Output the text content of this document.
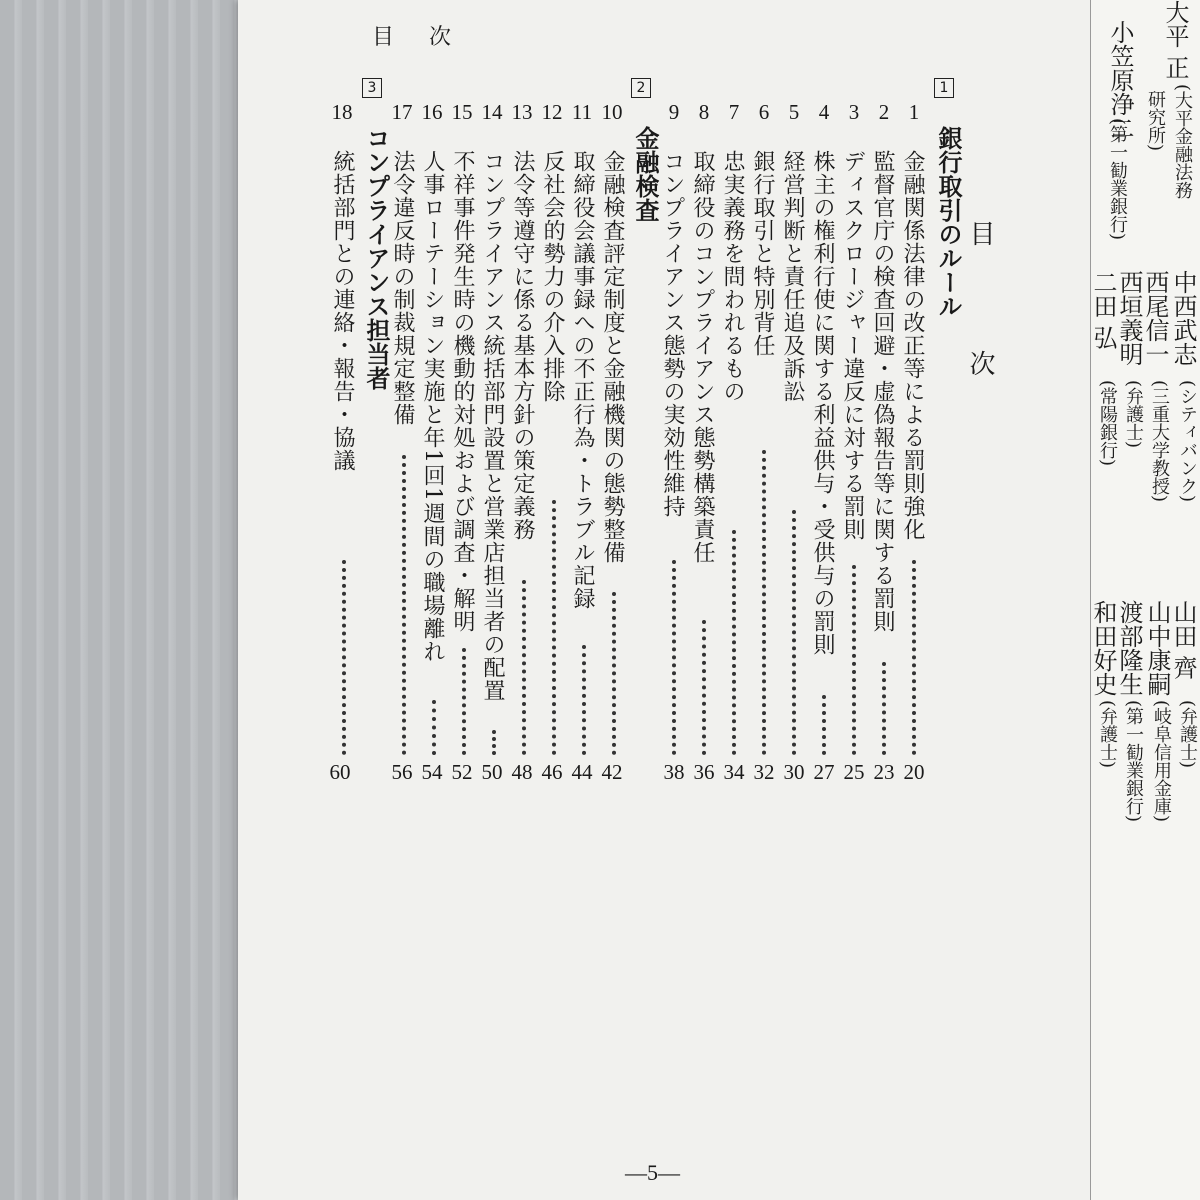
目 次
目 次
1
銀行取引のルール
2
金融検査
3
コンプライアンス担当者
1
金融関係法律の改正等による罰則強化
20
2
監督官庁の検査回避・虚偽報告等に関する罰則
23
3
ディスクロージャー違反に対する罰則
25
4
株主の権利行使に関する利益供与・受供与の罰則
27
5
経営判断と責任追及訴訟
30
6
銀行取引と特別背任
32
7
忠実義務を問われるもの
34
8
取締役のコンプライアンス態勢構築責任
36
9
コンプライアンス態勢の実効性維持
38
10
金融検査評定制度と金融機関の態勢整備
42
11
取締役会議事録への不正行為・トラブル記録
44
12
反社会的勢力の介入排除
46
13
法令等遵守に係る基本方針の策定義務
48
14
コンプライアンス統括部門設置と営業店担当者の配置
50
15
不祥事件発生時の機動的対処および調査・解明
52
16
人事ローテーション実施と年1回1週間の職場離れ
54
17
法令違反時の制裁規定整備
56
18
統括部門との連絡・報告・協議
60
—5—
大平 正
(大平金融法務
研究所)
小笠原浄二
(第一勧業銀行)
中西武志
(シティバンク)
西尾信一
(三重大学教授)
西垣義明
(弁護士)
二田 弘
(常陽銀行)
山田 齊
(弁護士)
山中康嗣
(岐阜信用金庫)
渡部隆生
(第一勧業銀行)
和田好史
(弁護士)
